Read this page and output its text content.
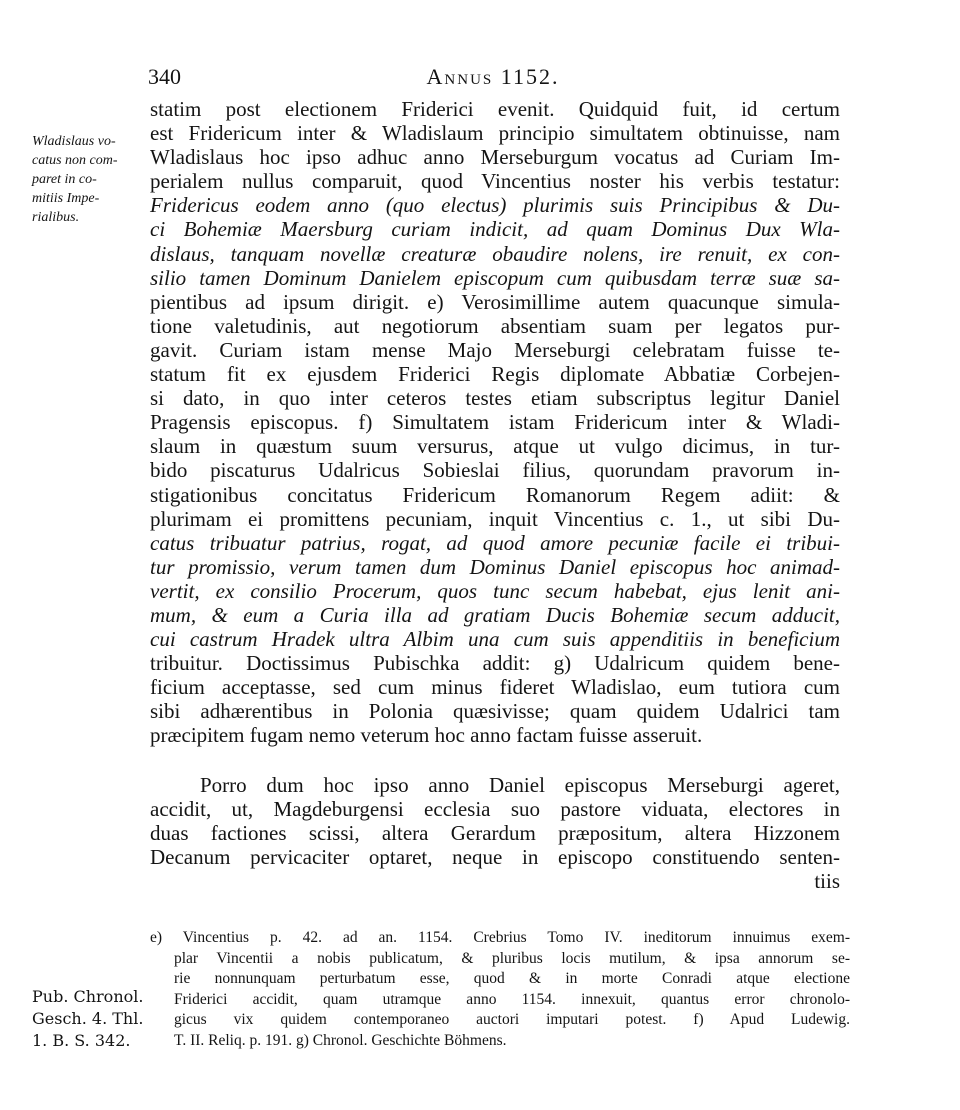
340	Annus 1152.
Wladislaus vo-
catus non com-
paret in co-
mitiis Impe-
rialibus.
Pub. Chronol.
Gesch. 4. Thl.
1. B. S. 342.
statim post electionem Friderici evenit. Quidquid fuit, id certum
est Fridericum inter & Wladislaum principio simultatem obtinuisse, nam
Wladislaus hoc ipso adhuc anno Merseburgum vocatus ad Curiam Im-
perialem nullus comparuit, quod Vincentius noster his verbis testatur:
Fridericus eodem anno (quo electus) plurimis suis Principibus & Du-
ci Bohemiæ Maersburg curiam indicit, ad quam Dominus Dux Wla-
dislaus, tanquam novellæ creaturæ obaudire nolens, ire renuit, ex con-
silio tamen Dominum Danielem episcopum cum quibusdam terræ suæ sa-
pientibus ad ipsum dirigit. e) Verosimillime autem quacunque simula-
tione valetudinis, aut negotiorum absentiam suam per legatos pur-
gavit. Curiam istam mense Majo Merseburgi celebratam fuisse te-
statum fit ex ejusdem Friderici Regis diplomate Abbatiæ Corbejen-
si dato, in quo inter ceteros testes etiam subscriptus legitur Daniel
Pragensis episcopus. f) Simultatem istam Fridericum inter & Wladi-
slaum in quæstum suum versurus, atque ut vulgo dicimus, in tur-
bido piscaturus Udalricus Sobieslai filius, quorundam pravorum in-
stigationibus concitatus Fridericum Romanorum Regem adiit: &
plurimam ei promittens pecuniam, inquit Vincentius c. 1., ut sibi Du-
catus tribuatur patrius, rogat, ad quod amore pecuniæ facile ei tribui-
tur promissio, verum tamen dum Dominus Daniel episcopus hoc animad-
vertit, ex consilio Procerum, quos tunc secum habebat, ejus lenit ani-
mum, & eum a Curia illa ad gratiam Ducis Bohemiæ secum adducit,
cui castrum Hradek ultra Albim una cum suis appenditiis in beneficium
tribuitur. Doctissimus Pubischka addit: g) Udalricum quidem bene-
ficium acceptasse, sed cum minus fideret Wladislao, eum tutiora cum
sibi adhærentibus in Polonia quæsivisse; quam quidem Udalrici tam
præcipitem fugam nemo veterum hoc anno factam fuisse asseruit.
Porro dum hoc ipso anno Daniel episcopus Merseburgi ageret,
accidit, ut, Magdeburgensi ecclesia suo pastore viduata, electores in
duas factiones scissi, altera Gerardum præpositum, altera Hizzonem
Decanum pervicaciter optaret, neque in episcopo constituendo senten-
tiis
e) Vincentius p. 42. ad an. 1154. Crebrius Tomo IV. ineditorum innuimus exem-
plar Vincentii a nobis publicatum, & pluribus locis mutilum, & ipsa annorum se-
rie nonnunquam perturbatum esse, quod & in morte Conradi atque electione
Friderici accidit, quam utramque anno 1154. innexuit, quantus error chronolo-
gicus vix quidem contemporaneo auctori imputari potest. f) Apud Ludewig.
T. II. Reliq. p. 191. g) Chronol. Geschichte Böhmens.
